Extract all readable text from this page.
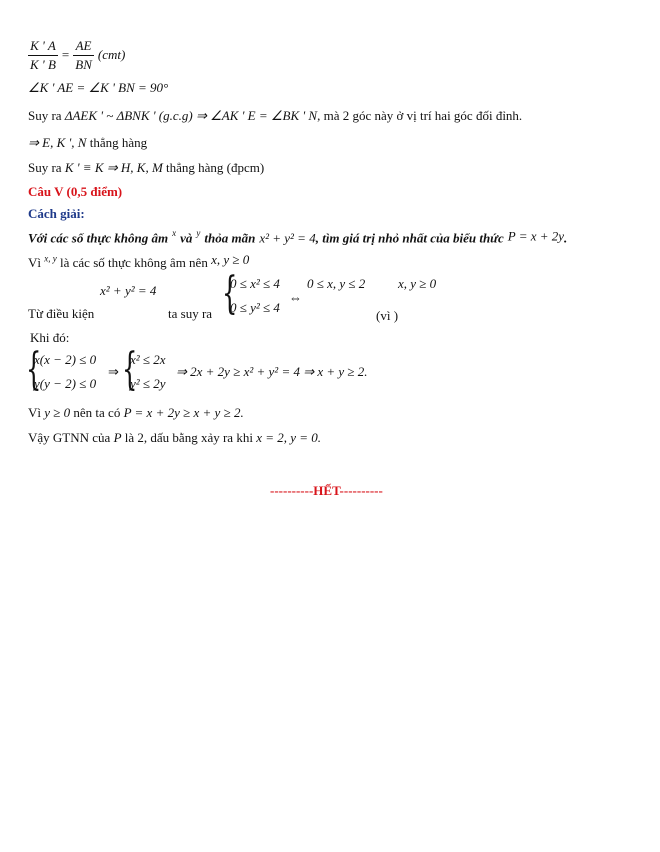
$\frac{K ' A}{K ' B} = \frac{AE}{BN} (cmt)$
∠K ' AE = ∠K ' BN = 90°
Suy ra ΔAEK ' ~ ΔBNK ' (g.c.g) ⇒ ∠AK ' E = ∠BK ' N, mà 2 góc này ở vị trí hai góc đối đỉnh.
⇒ E, K ', N thẳng hàng
Suy ra K ' ≡ K ⇒ H, K, M thẳng hàng (đpcm)
Câu V (0,5 điểm)
Cách giải:
Với các số thực không âm $^x$ và $^y$ thỏa mãn x² + y² = 4, tìm giá trị nhỏ nhất của biểu thức P = x + 2y.
Vì $^{x, y}$ là các số thực không âm nên x, y ≥ 0
x² + y² = 4
Từ điều kiện	ta suy ra {
0 ≤ x² ≤ 4
0 ≤ y² ≤ 4
⇔
0 ≤ x, y ≤ 2	x, y ≥ 0
(vì )
Khi đó:
{
x(x − 2) ≤ 0
y(y − 2) ≤ 0
⇒ {
x² ≤ 2x
y² ≤ 2y
⇒ 2x + 2y ≥ x² + y² = 4 ⇒ x + y ≥ 2.
Vì y ≥ 0 nên ta có P = x + 2y ≥ x + y ≥ 2.
Vậy GTNN của P là 2, dấu bằng xảy ra khi x = 2, y = 0.
----------HẾT----------
